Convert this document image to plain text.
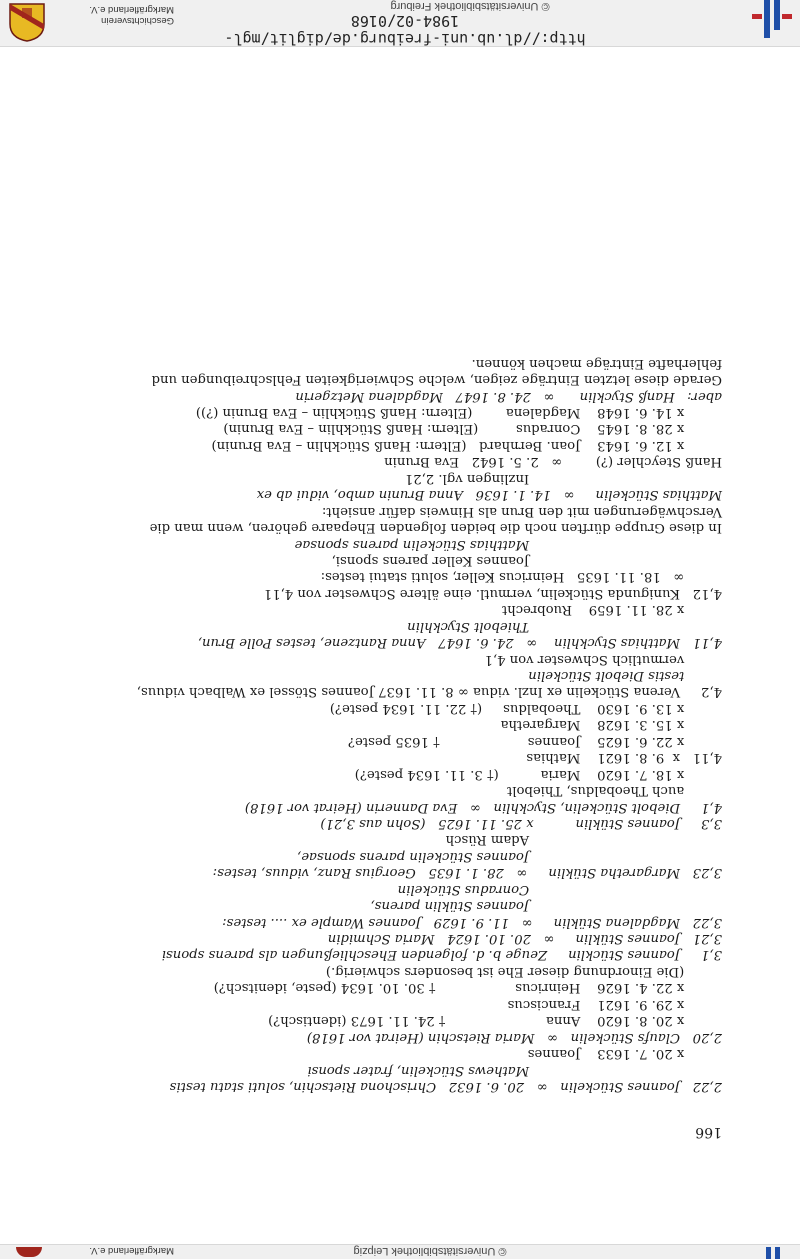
Geschichtsverein
Markgräflerland e.V.	© Universitätsbibliothek Freiburg
http://dl.ub.uni-freiburg.de/diglit/mgl-1984-02/0168
166
2,22   Joannes Stückelin   ∞   20. 6. 1632   Chrischona Rietschin, soluti statu testis
Mathews Stückelin, frater sponsi
x 20. 7. 1633    Joannes
2,20   Claufs Stückelin   ∞   Maria Rietschin (Heirat vor 1618)
x 20. 8. 1620    Anna                        † 24. 11. 1673 (identisch?)
x 29. 9. 1621    Franciscus
x 22. 4. 1626    Heinricus                   † 30. 10. 1634 (peste, idenitsch?)
(Die Einordnung dieser Ehe ist besonders schwierig.)
3,1     Joannes Stücklin     Zeuge b. d. folgenden Eheschließungen als parens sponsi
3,21   Joannes Stüklin     ∞   20. 10. 1624   Maria Schmidin
3,22   Magdalena Stüklin     ∞   11. 9. 1629   Joannes Wample ex .... testes:
Joannes Stüklin parens,
Conradus Stückelin
3,23   Margaretha Stüklin     ∞   28. 1. 1635   Georgius Ranz, viduus, testes:
Joannes Stückelin parens sponsae,
Adam Rüsch
3,3     Joannes Stüklin          x 25. 11. 1625   (Sohn aus 3,21)
4,1     Diebolt Stückelin, Styckhlin   ∞   Eva Dannerin (Heirat vor 1618)
auch Theobaldus, Thiebolt
x 18. 7. 1620    Maria          († 3. 11. 1634 peste?)
4,11   x  9. 8. 1621    Mathias
x 22. 6. 1625    Joannes                     † 1635 peste?
x 15. 3. 1628    Margaretha
x 13. 9. 1630    Theobaldus     († 22. 11. 1634 peste?)
4,2     Verena Stückelin ex Inzl. vidua ∞ 8. 11. 1637 Joannes Stössel ex Walbach viduus,
testis Diebolt Stückelin
vermutlich Schwester von 4,1
4,11   Matthias Styckhlin    ∞   24. 6. 1647   Anna Rantzene, testes Polle Brun,
Thiebolt Styckhlin
x 28. 11. 1659    Ruobrecht
4,12   Kunigunda Stückelin, vermutl. eine ältere Schwester von 4,11
∞   18. 11. 1635   Heinricus Keller, soluti statui testes:
Joannes Keller parens sponsi,
Matthias Stückelin parens sponsae
In diese Gruppe dürften noch die beiden folgenden Ehepaare gehören, wenn man die
Verschwägerungen mit den Brun als Hinweis dafür ansieht:
Matthias Stückelin     ∞   14. 1. 1636   Anna Brunin ambo, vidui ab ex
Inzlingen vgl. 2,21
Hanß Steychler (?)        ∞   2. 5. 1642   Eva Brunin
x 12. 6. 1643    Joan. Bernhard   (Eltern: Hanß Stückhlin – Eva Brunin)
x 28. 8. 1645    Conradus         (Eltern: Hanß Stückhlin – Eva Brunin)
x 14. 6. 1648    Magdalena        (Eltern: Hanß Stückhlin – Eva Brunin (?))
aber:   Hanß Stycklin      ∞   24. 8. 1647   Magdalena Metzgerin
Gerade diese letzten Einträge zeigen, welche Schwierigkeiten Fehlschreibungen und
fehlerhafte Einträge machen können.
Markgräflerland e.V.	© Universitätsbibliothek Leipzig
